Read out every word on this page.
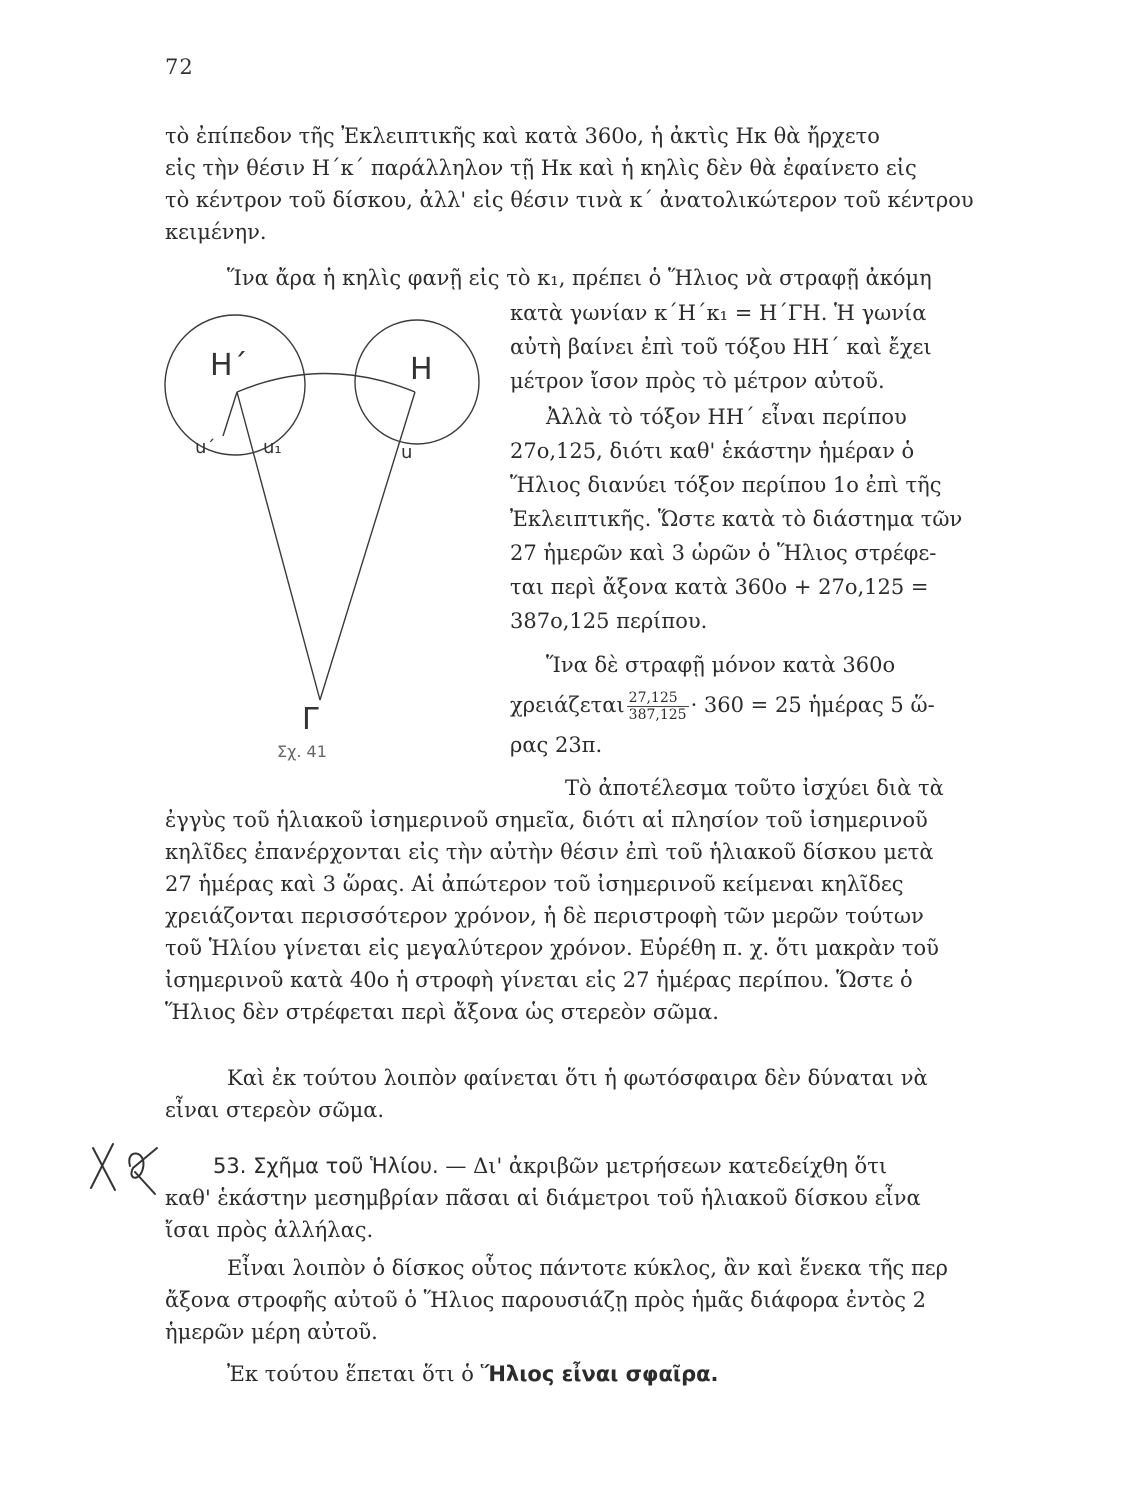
72
τὸ ἐπίπεδον τῆς Ἐκλειπτικῆς καὶ κατὰ 360ο, ἡ ἀκτὶς Ηκ θὰ ἤρχετο
εἰς τὴν θέσιν Η΄κ΄ παράλληλον τῇ Ηκ καὶ ἡ κηλὶς δὲν θὰ ἐφαίνετο εἰς
τὸ κέντρον τοῦ δίσκου, ἀλλ' εἰς θέσιν τινὰ κ΄ ἀνατολικώτερον τοῦ κέντρου
κειμένην.
Ἵνα ἄρα ἡ κηλὶς φανῇ εἰς τὸ κ₁, πρέπει ὁ Ἥλιος νὰ στραφῇ ἀκόμη
κατὰ γωνίαν κ΄Η΄κ₁ = Η΄ΓΗ. Ἡ γωνία
αὐτὴ βαίνει ἐπὶ τοῦ τόξου ΗΗ΄ καὶ ἔχει
μέτρον ἴσον πρὸς τὸ μέτρον αὐτοῦ.
Ἀλλὰ τὸ τόξον ΗΗ΄ εἶναι περίπου
27ο,125, διότι καθ' ἑκάστην ἡμέραν ὁ
Ἥλιος διανύει τόξον περίπου 1ο ἐπὶ τῆς
Ἐκλειπτικῆς. Ὥστε κατὰ τὸ διάστημα τῶν
27 ἡμερῶν καὶ 3 ὡρῶν ὁ Ἥλιος στρέφε-
ται περὶ ἄξονα κατὰ 360ο + 27ο,125 =
387ο,125 περίπου.
Ἵνα δὲ στραφῇ μόνον κατὰ 360ο
χρειάζεται $\frac{27,125}{387,125} \cdot 360 = 25$ ἡμέρας 5 ὥ-
ρας 23π.
Η΄	Η
u΄	u₁	u
Γ
Σχ. 41
Τὸ ἀποτέλεσμα τοῦτο ἰσχύει διὰ τὰ
ἐγγὺς τοῦ ἡλιακοῦ ἰσημερινοῦ σημεῖα, διότι αἱ πλησίον τοῦ ἰσημερινοῦ
κηλῖδες ἐπανέρχονται εἰς τὴν αὐτὴν θέσιν ἐπὶ τοῦ ἡλιακοῦ δίσκου μετὰ
27 ἡμέρας καὶ 3 ὥρας. Αἱ ἀπώτερον τοῦ ἰσημερινοῦ κείμεναι κηλῖδες
χρειάζονται περισσότερον χρόνον, ἡ δὲ περιστροφὴ τῶν μερῶν τούτων
τοῦ Ἡλίου γίνεται εἰς μεγαλύτερον χρόνον. Εὑρέθη π. χ. ὅτι μακρὰν τοῦ
ἰσημερινοῦ κατὰ 40ο ἡ στροφὴ γίνεται εἰς 27 ἡμέρας περίπου. Ὥστε ὁ
Ἥλιος δὲν στρέφεται περὶ ἄξονα ὡς στερεὸν σῶμα.
Καὶ ἐκ τούτου λοιπὸν φαίνεται ὅτι ἡ φωτόσφαιρα δὲν δύναται νὰ
εἶναι στερεὸν σῶμα.
53. Σχῆμα τοῦ Ἡλίου. — Δι' ἀκριβῶν μετρήσεων κατεδείχθη ὅτι
καθ' ἑκάστην μεσημβρίαν πᾶσαι αἱ διάμετροι τοῦ ἡλιακοῦ δίσκου εἶνα
ἴσαι πρὸς ἀλλήλας.
Εἶναι λοιπὸν ὁ δίσκος οὗτος πάντοτε κύκλος, ἂν καὶ ἕνεκα τῆς περ
ἄξονα στροφῆς αὐτοῦ ὁ Ἥλιος παρουσιάζῃ πρὸς ἡμᾶς διάφορα ἐντὸς 2
ἡμερῶν μέρη αὐτοῦ.
Ἐκ τούτου ἕπεται ὅτι ὁ Ἥλιος εἶναι σφαῖρα.
